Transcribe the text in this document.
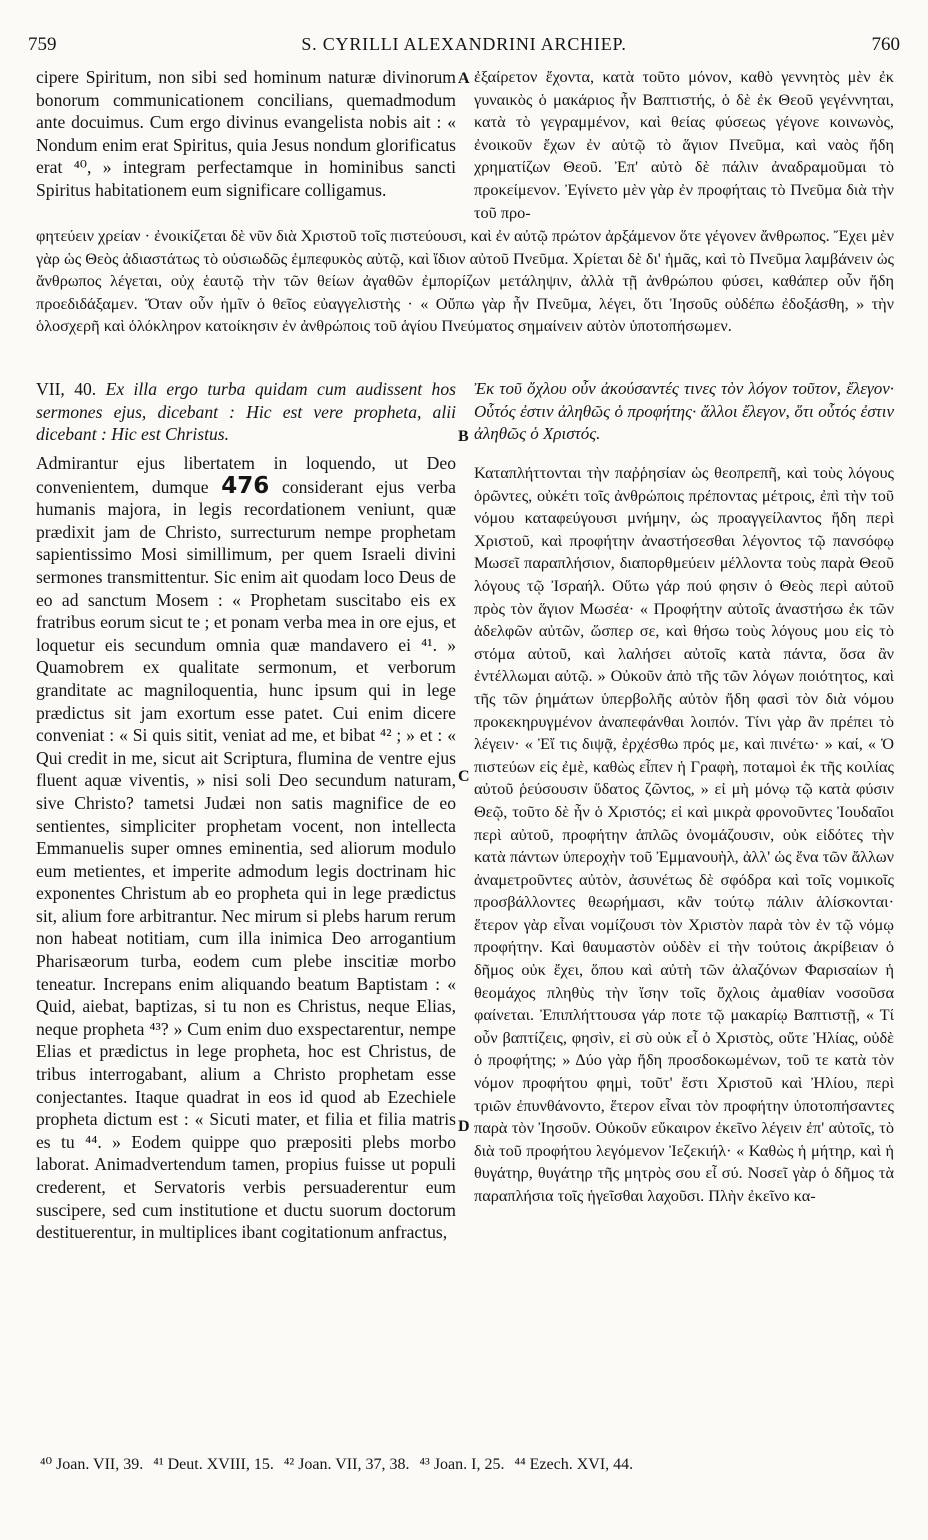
759	S. CYRILLI ALEXANDRINI ARCHIEP.	760

cipere Spiritum, non sibi sed hominum naturæ divinorum bonorum communicationem concilians, quemadmodum ante docuimus. Cum ergo divinus evangelista nobis ait : « Nondum enim erat Spiritus, quia Jesus nondum glorificatus erat ⁴⁰, » integram perfectamque in hominibus sancti Spiritus habitationem eum significare colligamus.

ἐξαίρετον ἔχοντα, κατὰ τοῦτο μόνον, καθὸ γεννητὸς μὲν ἐκ γυναικὸς ὁ μακάριος ἦν Βαπτιστής, ὁ δὲ ἐκ Θεοῦ γεγέννηται, κατὰ τὸ γεγραμμένον, καὶ θείας φύσεως γέγονε κοινωνὸς, ἐνοικοῦν ἔχων ἐν αὐτῷ τὸ ἅγιον Πνεῦμα, καὶ ναὸς ἤδη χρηματίζων Θεοῦ. Ἐπ' αὐτὸ δὲ πάλιν ἀναδραμοῦμαι τὸ προκείμενον. Ἐγίνετο μὲν γὰρ ἐν προφήταις τὸ Πνεῦμα διὰ τὴν τοῦ προ-

φητεύειν χρείαν · ἐνοικίζεται δὲ νῦν διὰ Χριστοῦ τοῖς πιστεύουσι, καὶ ἐν αὐτῷ πρώτον ἀρξάμενον ὅτε γέγονεν ἄνθρωπος. Ἔχει μὲν γὰρ ὡς Θεὸς ἀδιαστάτως τὸ οὐσιωδῶς ἐμπεφυκὸς αὐτῷ, καὶ ἴδιον αὐτοῦ Πνεῦμα. Χρίεται δὲ δι' ἡμᾶς, καὶ τὸ Πνεῦμα λαμβάνειν ὡς ἄνθρωπος λέγεται, οὐχ ἑαυτῷ τὴν τῶν θείων ἀγαθῶν ἐμπορίζων μετάληψιν, ἀλλὰ τῇ ἀνθρώπου φύσει, καθάπερ οὖν ἤδη προεδιδάξαμεν. Ὅταν οὖν ἡμῖν ὁ θεῖος εὐαγγελιστὴς · « Οὔπω γὰρ ἦν Πνεῦμα, λέγει, ὅτι Ἰησοῦς οὐδέπω ἐδοξάσθη, » τὴν ὁλοσχερῆ καὶ ὁλόκληρον κατοίκησιν ἐν ἀνθρώποις τοῦ ἁγίου Πνεύματος σημαίνειν αὐτὸν ὑποτοπήσωμεν.

VII, 40. Ex illa ergo turba quidam cum audissent hos sermones ejus, dicebant : Hic est vere propheta, alii dicebant : Hic est Christus.

Ἐκ τοῦ ὄχλου οὖν ἀκούσαντές τινες τὸν λόγον τοῦτον, ἔλεγον· Οὗτός ἐστιν ἀληθῶς ὁ προφήτης· ἄλλοι ἔλεγον, ὅτι οὗτός ἐστιν ἀληθῶς ὁ Χριστός.

Admirantur ejus libertatem in loquendo, ut Deo convenientem, dumque 476 considerant ejus verba humanis majora, in legis recordationem veniunt, quæ prædixit jam de Christo, surrecturum nempe prophetam sapientissimo Mosi simillimum, per quem Israeli divini sermones transmittentur. Sic enim ait quodam loco Deus de eo ad sanctum Mosem : « Prophetam suscitabo eis ex fratribus eorum sicut te ; et ponam verba mea in ore ejus, et loquetur eis secundum omnia quæ mandavero ei ⁴¹. » Quamobrem ex qualitate sermonum, et verborum granditate ac magniloquentia, hunc ipsum qui in lege prædictus sit jam exortum esse patet. Cui enim dicere conveniat : « Si quis sitit, veniat ad me, et bibat ⁴² ; » et : « Qui credit in me, sicut ait Scriptura, flumina de ventre ejus fluent aquæ viventis, » nisi soli Deo secundum naturam, sive Christo? tametsi Judæi non satis magnifice de eo sentientes, simpliciter prophetam vocent, non intellecta Emmanuelis super omnes eminentia, sed aliorum modulo eum metientes, et imperite admodum legis doctrinam hic exponentes Christum ab eo propheta qui in lege prædictus sit, alium fore arbitrantur. Nec mirum si plebs harum rerum non habeat notitiam, cum illa inimica Deo arrogantium Pharisæorum turba, eodem cum plebe inscitiæ morbo teneatur. Increpans enim aliquando beatum Baptistam : « Quid, aiebat, baptizas, si tu non es Christus, neque Elias, neque propheta ⁴³? » Cum enim duo exspectarentur, nempe Elias et prædictus in lege propheta, hoc est Christus, de tribus interrogabant, alium a Christo prophetam esse conjectantes. Itaque quadrat in eos id quod ab Ezechiele propheta dictum est : « Sicuti mater, et filia et filia matris es tu ⁴⁴. » Eodem quippe quo præpositi plebs morbo laborat. Animadvertendum tamen, propius fuisse ut populi crederent, et Servatoris verbis persuaderentur eum suscipere, sed cum institutione et ductu suorum doctorum destituerentur, in multiplices ibant cogitationum anfractus,

Καταπλήττονται τὴν παῤῥησίαν ὡς θεοπρεπῆ, καὶ τοὺς λόγους ὁρῶντες, οὐκέτι τοῖς ἀνθρώποις πρέποντας μέτροις, ἐπὶ τὴν τοῦ νόμου καταφεύγουσι μνήμην, ὡς προαγγείλαντος ἤδη περὶ Χριστοῦ, καὶ προφήτην ἀναστήσεσθαι λέγοντος τῷ πανσόφῳ Μωσεῖ παραπλήσιον, διαπορθμεύειν μέλλοντα τοὺς παρὰ Θεοῦ λόγους τῷ Ἰσραήλ. Οὕτω γάρ πού φησιν ὁ Θεὸς περὶ αὐτοῦ πρὸς τὸν ἅγιον Μωσέα· « Προφήτην αὐτοῖς ἀναστήσω ἐκ τῶν ἀδελφῶν αὐτῶν, ὥσπερ σε, καὶ θήσω τοὺς λόγους μου εἰς τὸ στόμα αὐτοῦ, καὶ λαλήσει αὐτοῖς κατὰ πάντα, ὅσα ἂν ἐντέλλωμαι αὐτῷ. » Οὐκοῦν ἀπὸ τῆς τῶν λόγων ποιότητος, καὶ τῆς τῶν ῥημάτων ὑπερβολῆς αὐτὸν ἤδη φασὶ τὸν διὰ νόμου προκεκηρυγμένον ἀναπεφάνθαι λοιπόν. Τίνι γὰρ ἂν πρέπει τὸ λέγειν· « Ἐἴ τις διψᾷ, ἐρχέσθω πρός με, καὶ πινέτω· » καί, « Ὁ πιστεύων εἰς ἐμὲ, καθὼς εἶπεν ἡ Γραφὴ, ποταμοὶ ἐκ τῆς κοιλίας αὐτοῦ ῥεύσουσιν ὕδατος ζῶντος, » εἰ μὴ μόνῳ τῷ κατὰ φύσιν Θεῷ, τοῦτο δὲ ἦν ὁ Χριστός; εἰ καὶ μικρὰ φρονοῦντες Ἰουδαῖοι περὶ αὐτοῦ, προφήτην ἁπλῶς ὀνομάζουσιν, οὐκ εἰδότες τὴν κατὰ πάντων ὑπεροχὴν τοῦ Ἐμμανουὴλ, ἀλλ' ὡς ἕνα τῶν ἄλλων ἀναμετροῦντες αὐτὸν, ἀσυνέτως δὲ σφόδρα καὶ τοῖς νομικοῖς προσβάλλοντες θεωρήμασι, κἂν τούτῳ πάλιν ἁλίσκονται· ἕτερον γὰρ εἶναι νομίζουσι τὸν Χριστὸν παρὰ τὸν ἐν τῷ νόμῳ προφήτην. Καὶ θαυμαστὸν οὐδὲν εἰ τὴν τούτοις ἀκρίβειαν ὁ δῆμος οὐκ ἔχει, ὅπου καὶ αὐτὴ τῶν ἀλαζόνων Φαρισαίων ἡ θεομάχος πληθὺς τὴν ἴσην τοῖς ὄχλοις ἀμαθίαν νοσοῦσα φαίνεται. Ἐπιπλήττουσα γάρ ποτε τῷ μακαρίῳ Βαπτιστῇ, « Τί οὖν βαπτίζεις, φησὶν, εἰ σὺ οὐκ εἶ ὁ Χριστὸς, οὔτε Ἠλίας, οὐδὲ ὁ προφήτης; » Δύο γὰρ ἤδη προσδοκωμένων, τοῦ τε κατὰ τὸν νόμον προφήτου φημὶ, τοῦτ' ἔστι Χριστοῦ καὶ Ἠλίου, περὶ τριῶν ἐπυνθάνοντο, ἕτερον εἶναι τὸν προφήτην ὑποτοπήσαντες παρὰ τὸν Ἰησοῦν. Οὐκοῦν εὔκαιρον ἐκεῖνο λέγειν ἐπ' αὐτοῖς, τὸ διὰ τοῦ προφήτου λεγόμενον Ἰεζεκιήλ· « Καθὼς ἡ μήτηρ, καὶ ἡ θυγάτηρ, θυγάτηρ τῆς μητρὸς σου εἶ σύ. Νοσεῖ γὰρ ὁ δῆμος τὰ παραπλήσια τοῖς ἡγεῖσθαι λαχοῦσι. Πλὴν ἐκεῖνο κα-

A
B
C
D
⁴⁰ Joan. VII, 39. ⁴¹ Deut. XVIII, 15. ⁴² Joan. VII, 37, 38. ⁴³ Joan. I, 25. ⁴⁴ Ezech. XVI, 44.
